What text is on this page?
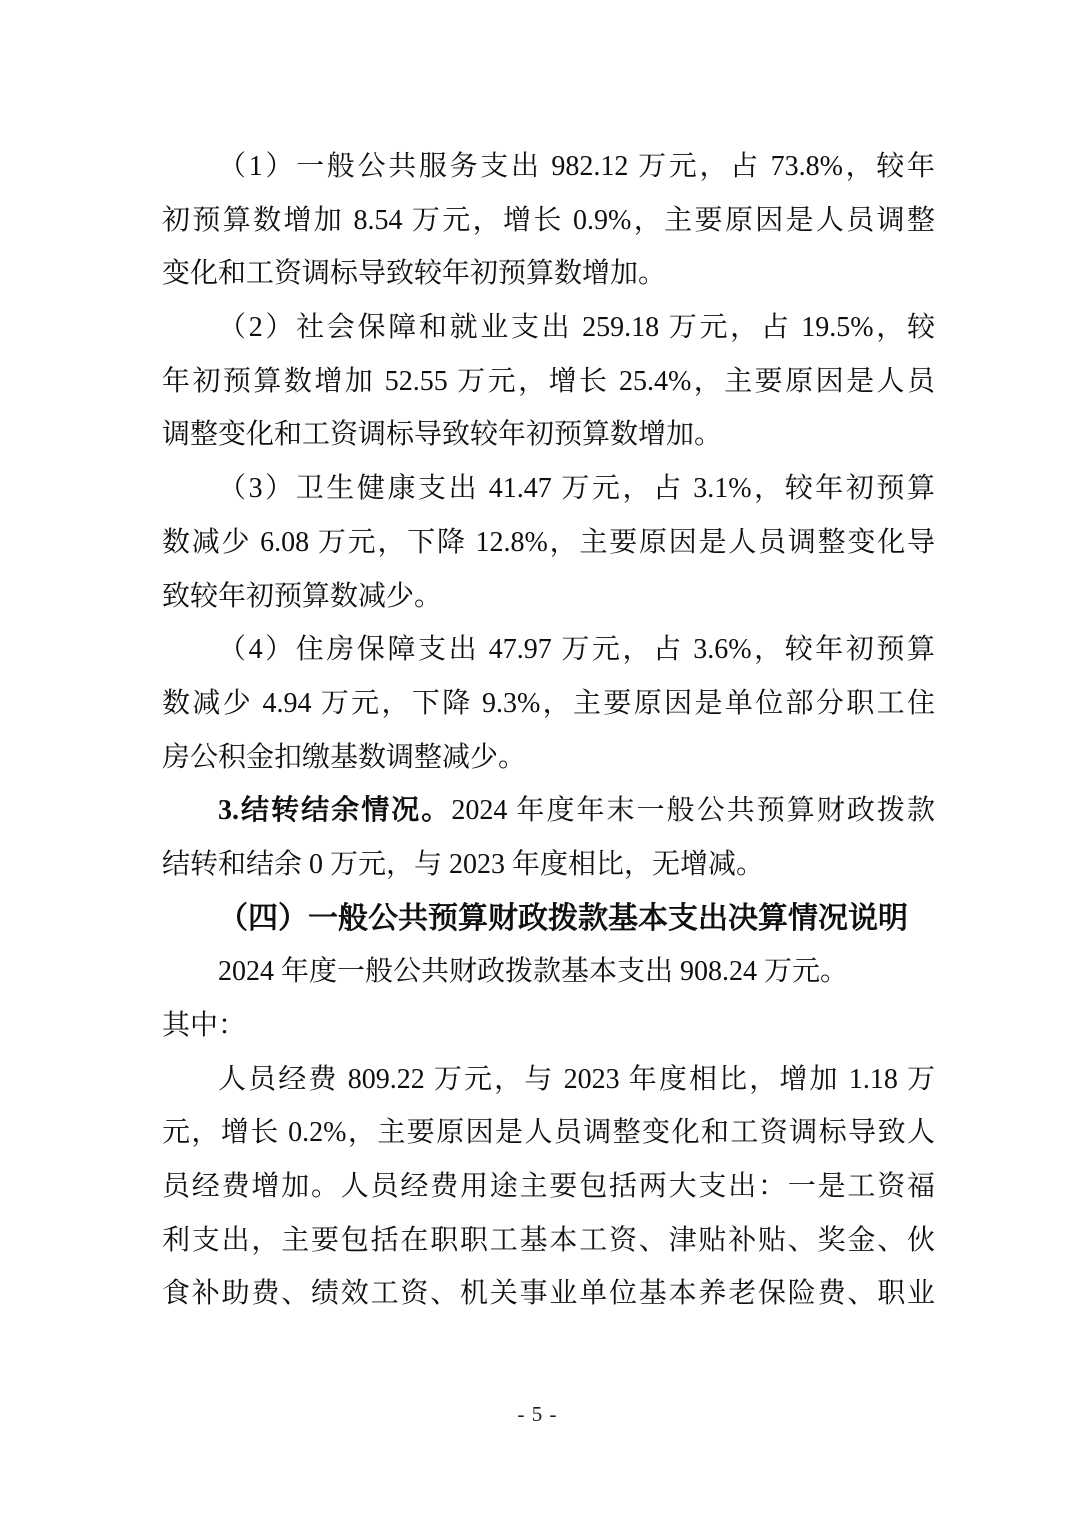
（1）一般公共服务支出 982.12 万元，占 73.8%，较年
初预算数增加 8.54 万元，增长 0.9%，主要原因是人员调整
变化和工资调标导致较年初预算数增加。
（2）社会保障和就业支出 259.18 万元，占 19.5%，较
年初预算数增加 52.55 万元，增长 25.4%，主要原因是人员
调整变化和工资调标导致较年初预算数增加。
（3）卫生健康支出 41.47 万元，占 3.1%，较年初预算
数减少 6.08 万元，下降 12.8%，主要原因是人员调整变化导
致较年初预算数减少。
（4）住房保障支出 47.97 万元，占 3.6%，较年初预算
数减少 4.94 万元，下降 9.3%，主要原因是单位部分职工住
房公积金扣缴基数调整减少。
3.结转结余情况。2024 年度年末一般公共预算财政拨款
结转和结余 0 万元，与 2023 年度相比，无增减。
（四）一般公共预算财政拨款基本支出决算情况说明
2024 年度一般公共财政拨款基本支出 908.24 万元。
其中：
人员经费 809.22 万元，与 2023 年度相比，增加 1.18 万
元，增长 0.2%，主要原因是人员调整变化和工资调标导致人
员经费增加。人员经费用途主要包括两大支出：一是工资福
利支出，主要包括在职职工基本工资、津贴补贴、奖金、伙
食补助费、绩效工资、机关事业单位基本养老保险费、职业
- 5 -
